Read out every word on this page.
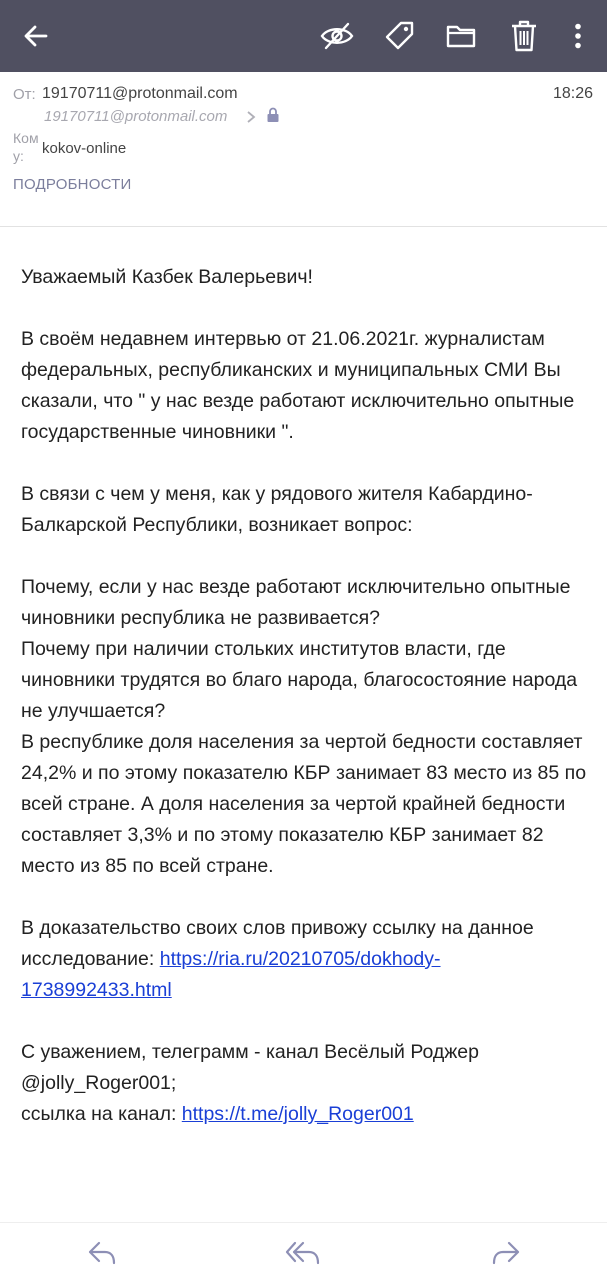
От: 19170711@protonmail.com
19170711@protonmail.com
18:26
Кому:	kokov-online
ПОДРОБНОСТИ

Уважаемый Казбек Валерьевич!

В своём недавнем интервью от 21.06.2021г. журналистам федеральных, республиканских и муниципальных СМИ Вы сказали, что " у нас везде работают исключительно опытные государственные чиновники ".

В связи с чем у меня, как у рядового жителя Кабардино-Балкарской Республики, возникает вопрос:

Почему, если у нас везде работают исключительно опытные чиновники республика не развивается?
Почему при наличии стольких институтов власти, где чиновники трудятся во благо народа, благосостояние народа не улучшается?
В республике доля населения за чертой бедности составляет 24,2% и по этому показателю КБР занимает 83 место из 85 по всей стране. А доля населения за чертой крайней бедности составляет 3,3% и по этому показателю КБР занимает 82 место из 85 по всей стране.

В доказательство своих слов привожу ссылку на данное исследование: https://ria.ru/20210705/dokhody-1738992433.html

С уважением, телеграмм - канал Весёлый Роджер @jolly_Roger001;
ссылка на канал: https://t.me/jolly_Roger001
